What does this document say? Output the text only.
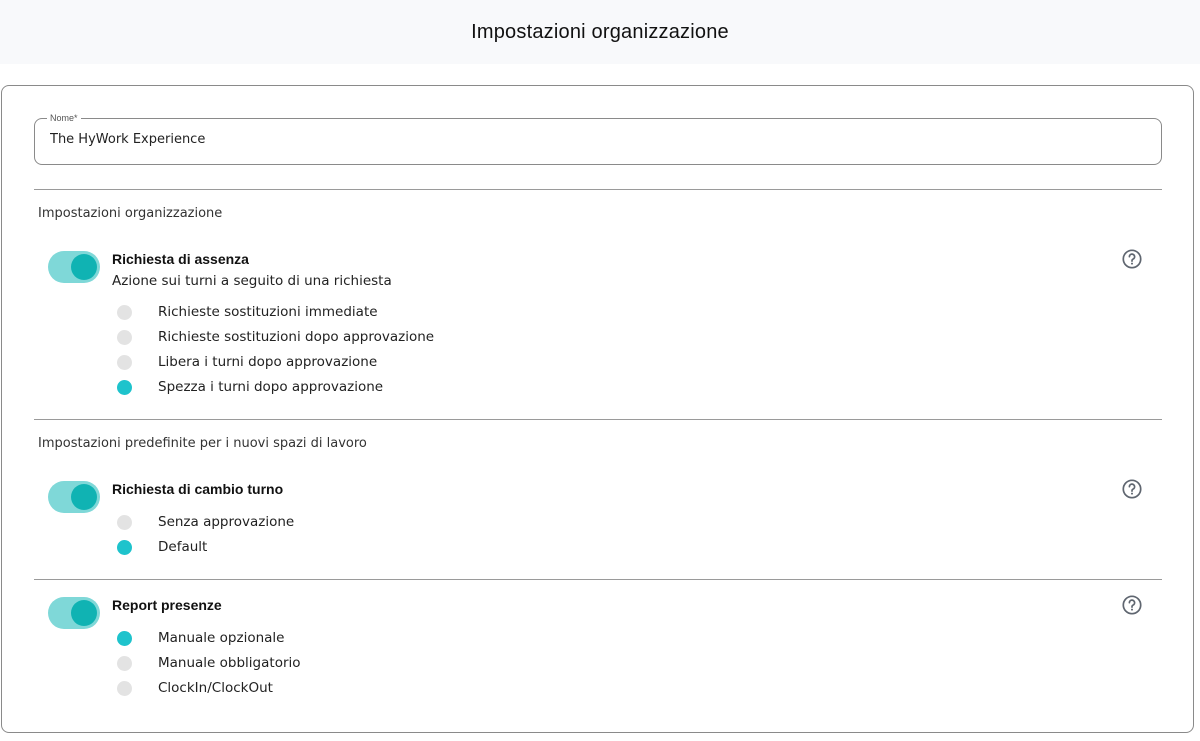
Impostazioni organizzazione
Nome*
The HyWork Experience
Impostazioni organizzazione
Richiesta di assenza
Azione sui turni a seguito di una richiesta
Richieste sostituzioni immediate
Richieste sostituzioni dopo approvazione
Libera i turni dopo approvazione
Spezza i turni dopo approvazione
Impostazioni predefinite per i nuovi spazi di lavoro
Richiesta di cambio turno
Senza approvazione
Default
Report presenze
Manuale opzionale
Manuale obbligatorio
ClockIn/ClockOut
